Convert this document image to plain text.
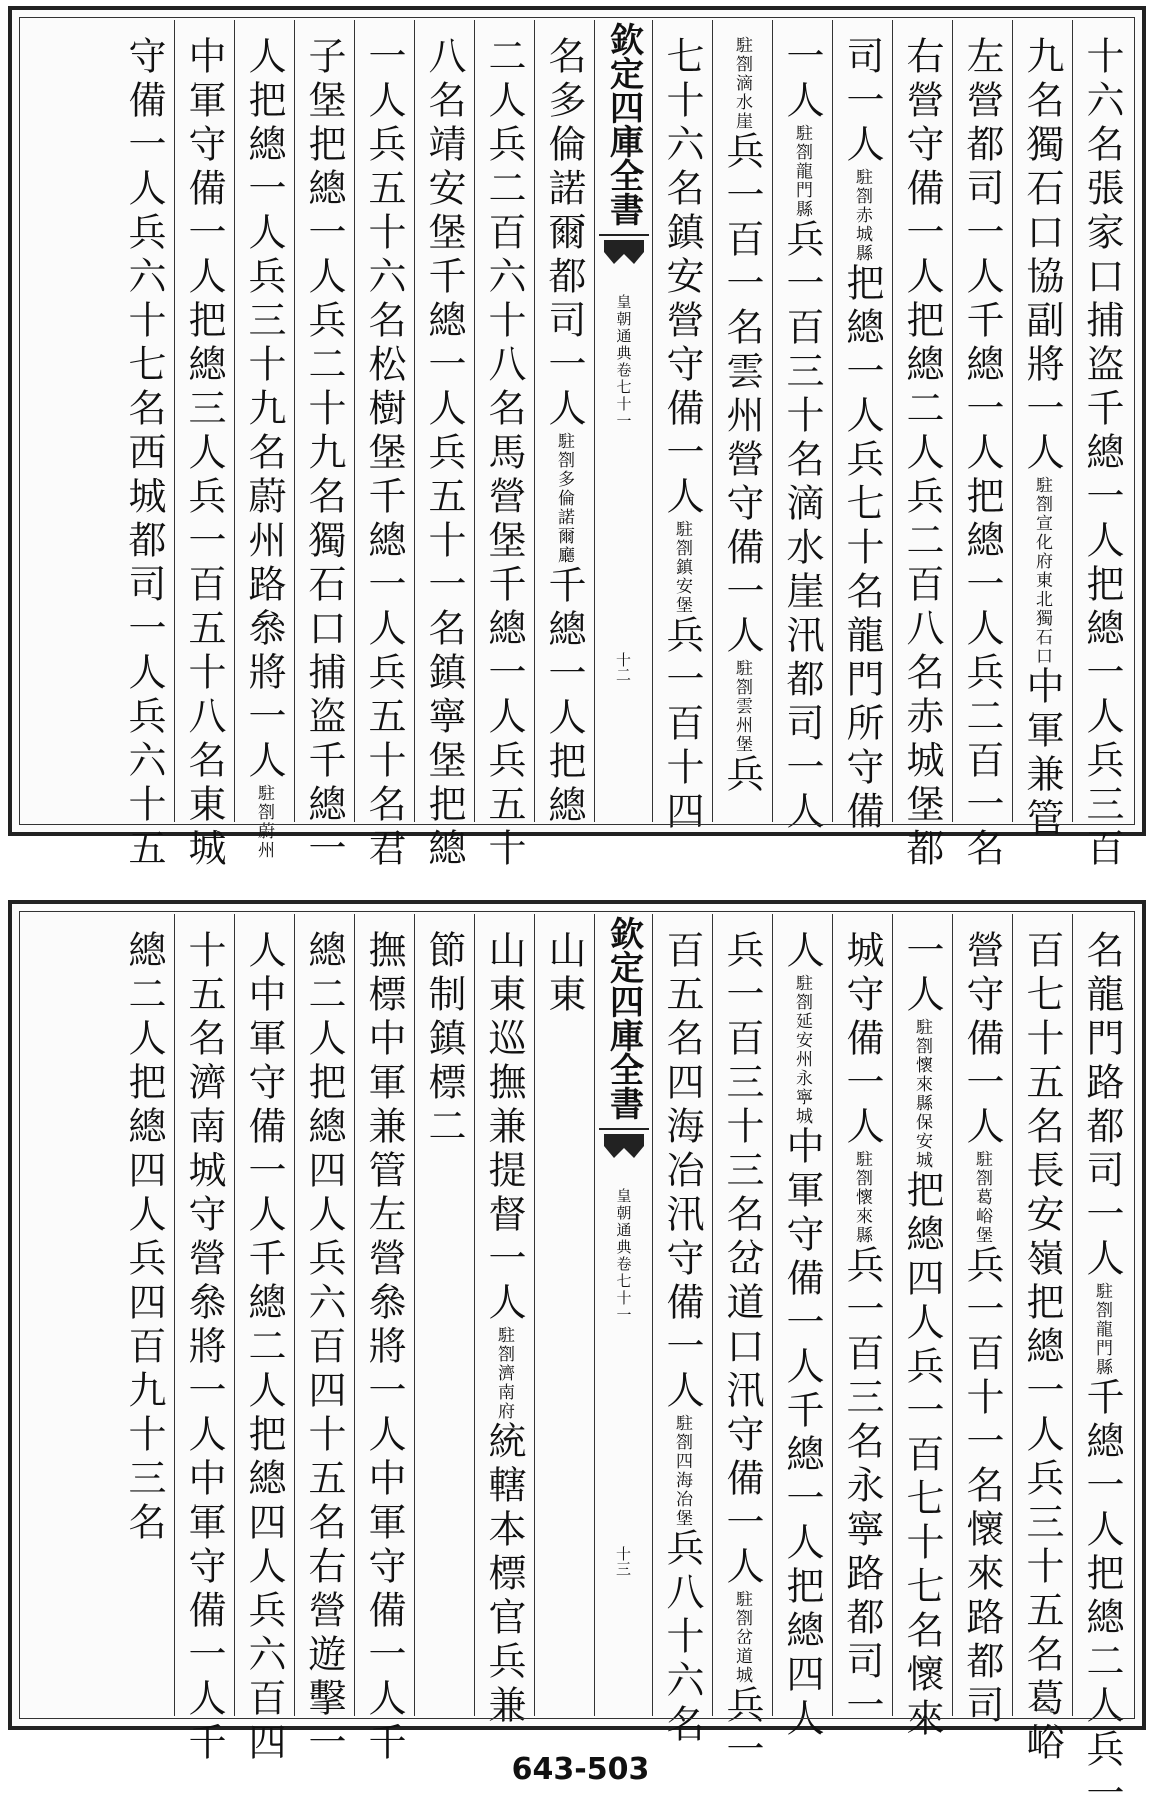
十六名張家口捕盗千總一人把總一人兵三百
九名獨石口協副將一人駐劄宣化府東北獨石口中軍兼管
左營都司一人千總一人把總一人兵二百一名
右營守備一人把總二人兵二百八名赤城堡都
司一人駐劄赤城縣把總一人兵七十名龍門所守備
一人駐劄龍門縣兵一百三十名滴水崖汛都司一人
駐劄滴水崖兵一百一名雲州營守備一人駐劄雲州堡兵
七十六名鎮安營守備一人駐劄鎮安堡兵一百十四
欽定四庫全書
皇朝通典卷七十一
十二
名多倫諾爾都司一人駐劄多倫諾爾廳千總一人把總
二人兵二百六十八名馬營堡千總一人兵五十
八名靖安堡千總一人兵五十一名鎮寧堡把總
一人兵五十六名松樹堡千總一人兵五十名君
子堡把總一人兵二十九名獨石口捕盗千總一
人把總一人兵三十九名蔚州路叅將一人駐劄蔚州
中軍守備一人把總三人兵一百五十八名東城
守備一人兵六十七名西城都司一人兵六十五
名龍門路都司一人駐劄龍門縣千總一人把總二人兵一
百七十五名長安嶺把總一人兵三十五名葛峪
營守備一人駐劄葛峪堡兵一百十一名懷來路都司
一人駐劄懷來縣保安城把總四人兵一百七十七名懷來
城守備一人駐劄懷來縣兵一百三名永寧路都司一
人駐劄延安州永寧城中軍守備一人千總一人把總四人
兵一百三十三名岔道口汛守備一人駐劄岔道城兵一
百五名四海冶汛守備一人駐劄四海冶堡兵八十六名
欽定四庫全書
皇朝通典卷七十一
十三
山東
山東巡撫兼提督一人駐劄濟南府統轄本標官兵兼
節制鎮標二
撫標中軍兼管左營叅將一人中軍守備一人千
總二人把總四人兵六百四十五名右營遊擊一
人中軍守備一人千總二人把總四人兵六百四
十五名濟南城守營叅將一人中軍守備一人千
總二人把總四人兵四百九十三名
643-503
